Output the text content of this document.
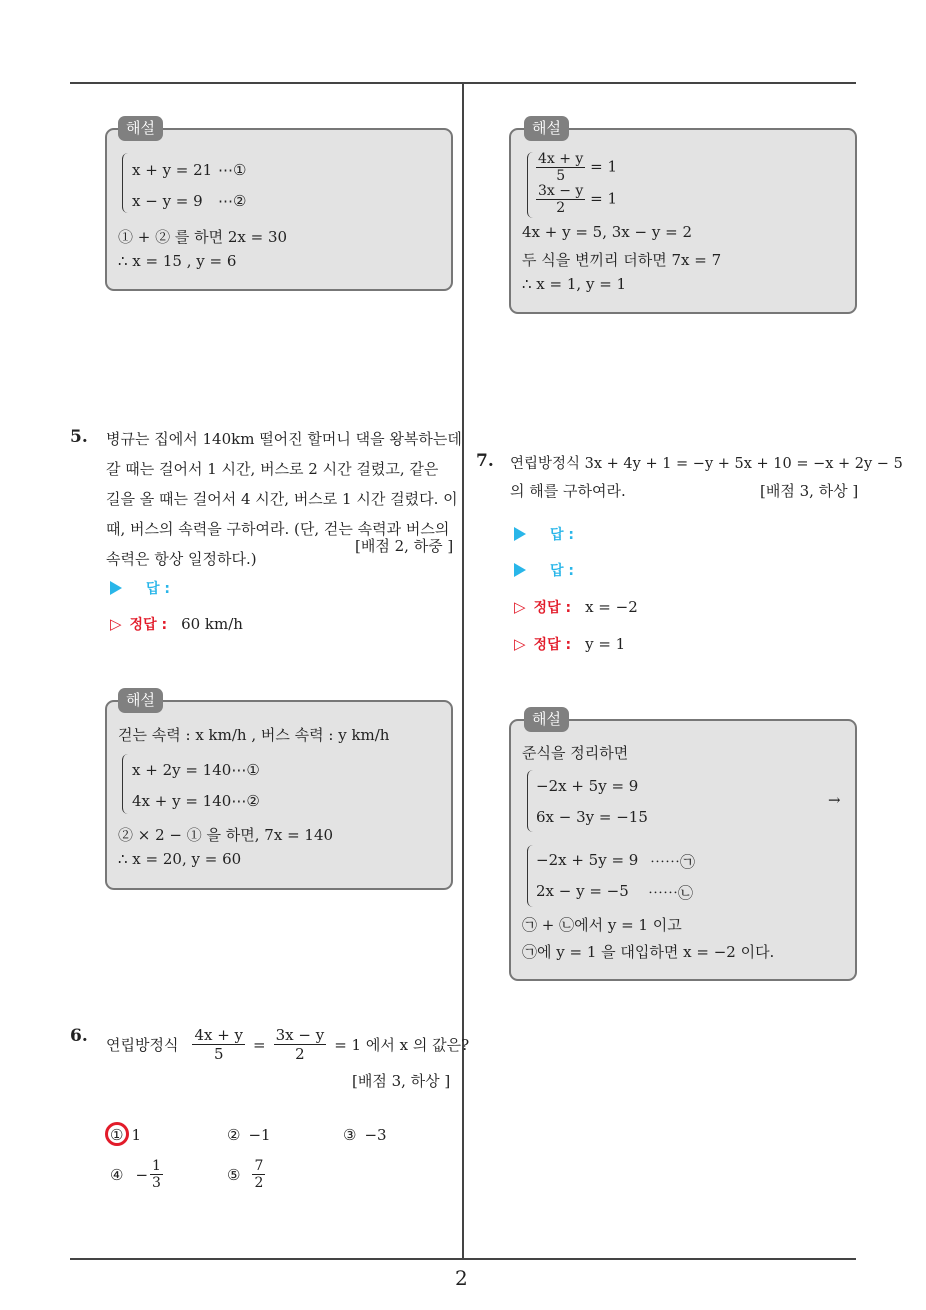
2
해설
x + y = 21 ⋯①
x − y = 9 ⋯②
① + ② 를 하면 2x = 30
∴ x = 15 , y = 6
해설
$\frac{4x + y}{5} = 1$
$\frac{3x - y}{2} = 1$
4x + y = 5, 3x − y = 2
두 식을 변끼리 더하면 7x = 7
∴ x = 1, y = 1
5. 병규는 집에서 140km 떨어진 할머니 댁을 왕복하는데
갈 때는 걸어서 1 시간, 버스로 2 시간 걸렸고, 같은
길을 올 때는 걸어서 4 시간, 버스로 1 시간 걸렸다. 이
때, 버스의 속력을 구하여라. (단, 걷는 속력과 버스의
속력은 항상 일정하다.)
[배점 2, 하중 ]
답 :
▷ 정답 : 60 km/h
해설
걷는 속력 : x km/h , 버스 속력 : y km/h
x + 2y = 140⋯①
4x + y = 140⋯②
② × 2 − ① 을 하면, 7x = 140
∴ x = 20, y = 60
6. 연립방정식 $\frac{4x + y}{5} = \frac{3x - y}{2} = 1$ 에서 x 의 값은?
[배점 3, 하상 ]
① 1	② −1	③ −3
④ − $\frac{1}{3}$	⑤ $\frac{7}{2}$
7. 연립방정식 3x + 4y + 1 = −y + 5x + 10 = −x + 2y − 5
의 해를 구하여라.	[배점 3, 하상 ]
답 :
답 :
▷ 정답 : x = −2
▷ 정답 : y = 1
해설
준식을 정리하면
−2x + 5y = 9
6x − 3y = −15
→
−2x + 5y = 9 ⋯⋯㉠
2x − y = −5 ⋯⋯㉡
㉠ + ㉡에서 y = 1 이고
㉠에 y = 1 을 대입하면 x = −2 이다.
